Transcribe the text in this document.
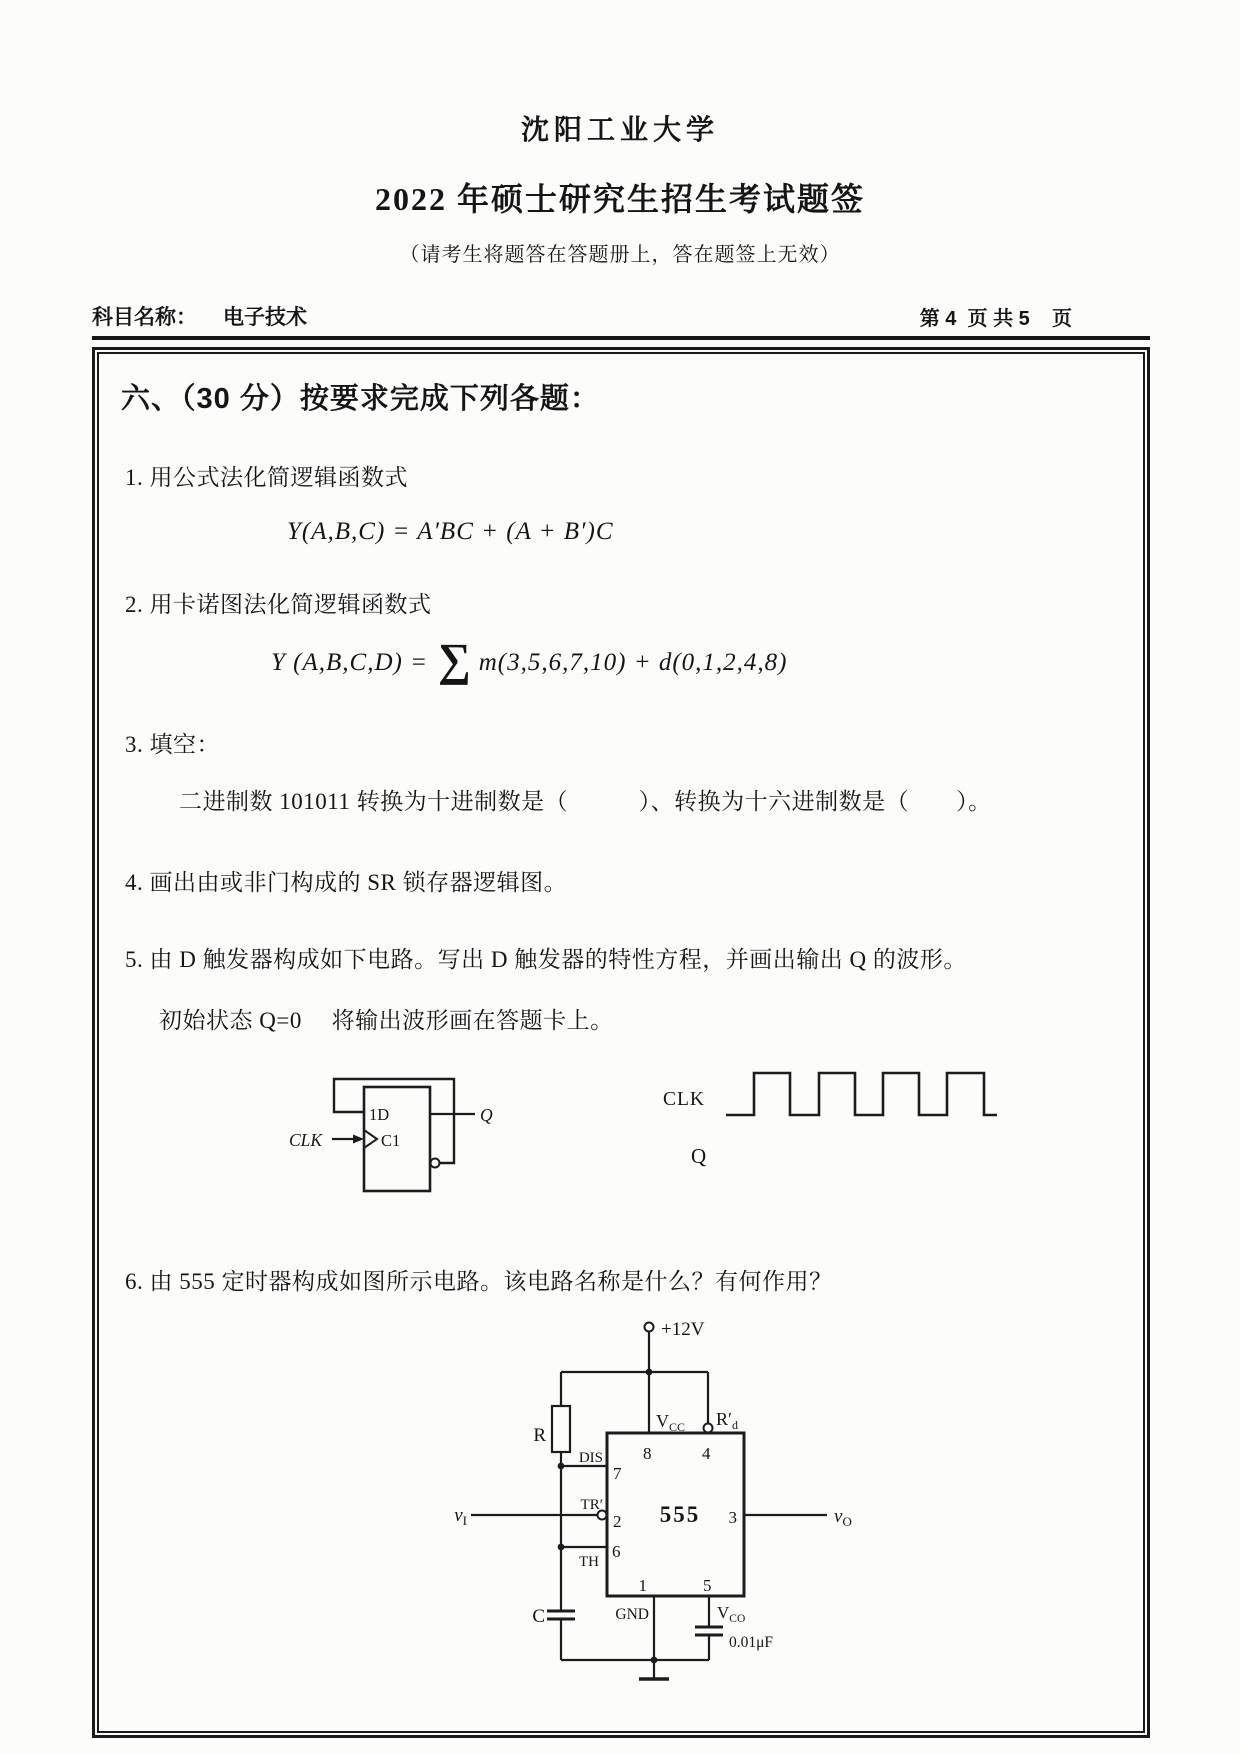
沈阳工业大学
2022 年硕士研究生招生考试题签
（请考生将题答在答题册上，答在题签上无效）
科目名称： 电子技术	第 4  页 共 5    页
六、（30 分）按要求完成下列各题：
1. 用公式法化简逻辑函数式
Y(A,B,C) = A′BC + (A + B′)C
2. 用卡诺图法化简逻辑函数式
Y (A,B,C,D) = ∑ m(3,5,6,7,10) + d(0,1,2,4,8)
3. 填空：
二进制数 101011 转换为十进制数是（　　　）、转换为十六进制数是（　　）。
4. 画出由或非门构成的 SR 锁存器逻辑图。
5. 由 D 触发器构成如下电路。写出 D 触发器的特性方程，并画出输出 Q 的波形。
初始状态 Q=0　 将输出波形画在答题卡上。
1D
C1
CLK
Q
CLK
Q
6. 由 555 定时器构成如图所示电路。该电路名称是什么？有何作用？
+12V
R
$V_{CC}$ $R'_d$
8	4
DIS
7
TR′
2
TH
6
555 3
$v_I$	$v_O$
1	5
GND	$V_{CO}$
0.01μF
C
